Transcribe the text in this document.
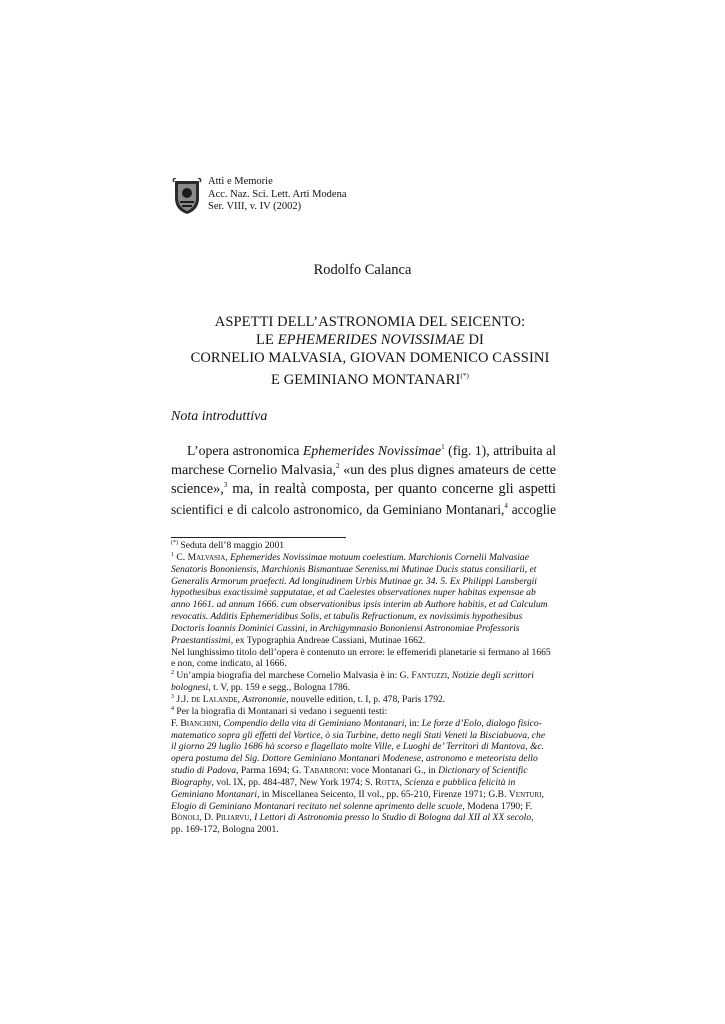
Atti e Memorie
Acc. Naz. Sci. Lett. Arti Modena
Ser. VIII, v. IV (2002)
Rodolfo Calanca
ASPETTI DELL’ASTRONOMIA DEL SEICENTO:
LE EPHEMERIDES NOVISSIMAE DI
CORNELIO MALVASIA, GIOVAN DOMENICO CASSINI
E GEMINIANO MONTANARI(*)
Nota introduttiva
L’opera astronomica Ephemerides Novissimae$^1$ (fig. 1), attribuita al
marchese Cornelio Malvasia,$^2$ «un des plus dignes amateurs de cette
science»,$^3$ ma, in realtà composta, per quanto concerne gli aspetti
scientifici e di calcolo astronomico, da Geminiano Montanari,$^4$ accoglie
(*) Seduta dell’8 maggio 2001
$^1$ C. Malvasia, Ephemerides Novissimae motuum coelestium. Marchionis Cornelii Malvasiae
Senatoris Bononiensis, Marchionis Bismantuae Sereniss.mi Mutinae Ducis status consiliarii, et
Generalis Armorum praefecti. Ad longitudinem Urbis Mutinae gr. 34. 5. Ex Philippi Lansbergii
hypothesibus exactissimè supputatae, et ad Caelestes observationes nuper habitas expensae ab
anno 1661. ad annum 1666. cum observationibus ipsis interim ab Authore habitis, et ad Calculum
revocatis. Additis Ephemeridibus Solis, et tabulis Refractionum, ex novissimis hypothesibus
Doctoris Ioannis Dominici Cassini, in Archigymnasio Bononiensi Astronomiae Professoris
Praestantissimi, ex Typographia Andreae Cassiani, Mutinae 1662.
Nel lunghissimo titolo dell’opera è contenuto un errore: le effemeridi planetarie si fermano al 1665
e non, come indicato, al 1666.
$^2$ Un’ampia biografia del marchese Cornelio Malvasia è in: G. Fantuzzi, Notizie degli scrittori
bolognesi, t. V, pp. 159 e segg., Bologna 1786.
$^3$ J.J. de Lalande, Astronomie, nouvelle edition, t. I, p. 478, Paris 1792.
$^4$ Per la biografia di Montanari si vedano i seguenti testi:
F. Bianchini, Compendio della vita di Geminiano Montanari, in: Le forze d’Eolo, dialogo fisico-
matematico sopra gli effetti del Vortice, ò sia Turbine, detto negli Stati Veneti la Bisciabuova, che
il giorno 29 luglio 1686 hà scorso e flagellato molte Ville, e Luoghi de’ Territori di Mantova, &c.
opera postuma del Sig. Dottore Geminiano Montanari Modenese, astronomo e meteorista dello
studio di Padova, Parma 1694; G. Tabarroni: voce Montanari G., in Dictionary of Scientific
Biography, vol. IX, pp. 484-487, New York 1974; S. Rotta, Scienza e pubblica felicità in
Geminiano Montanari, in Miscellanea Seicento, II vol., pp. 65-210, Firenze 1971; G.B. Venturi,
Elogio di Geminiano Montanari recitato nel solenne aprimento delle scuole, Modena 1790; F.
Bònoli, D. Piliarvu, I Lettori di Astronomia presso lo Studio di Bologna dal XII al XX secolo,
pp. 169-172, Bologna 2001.
